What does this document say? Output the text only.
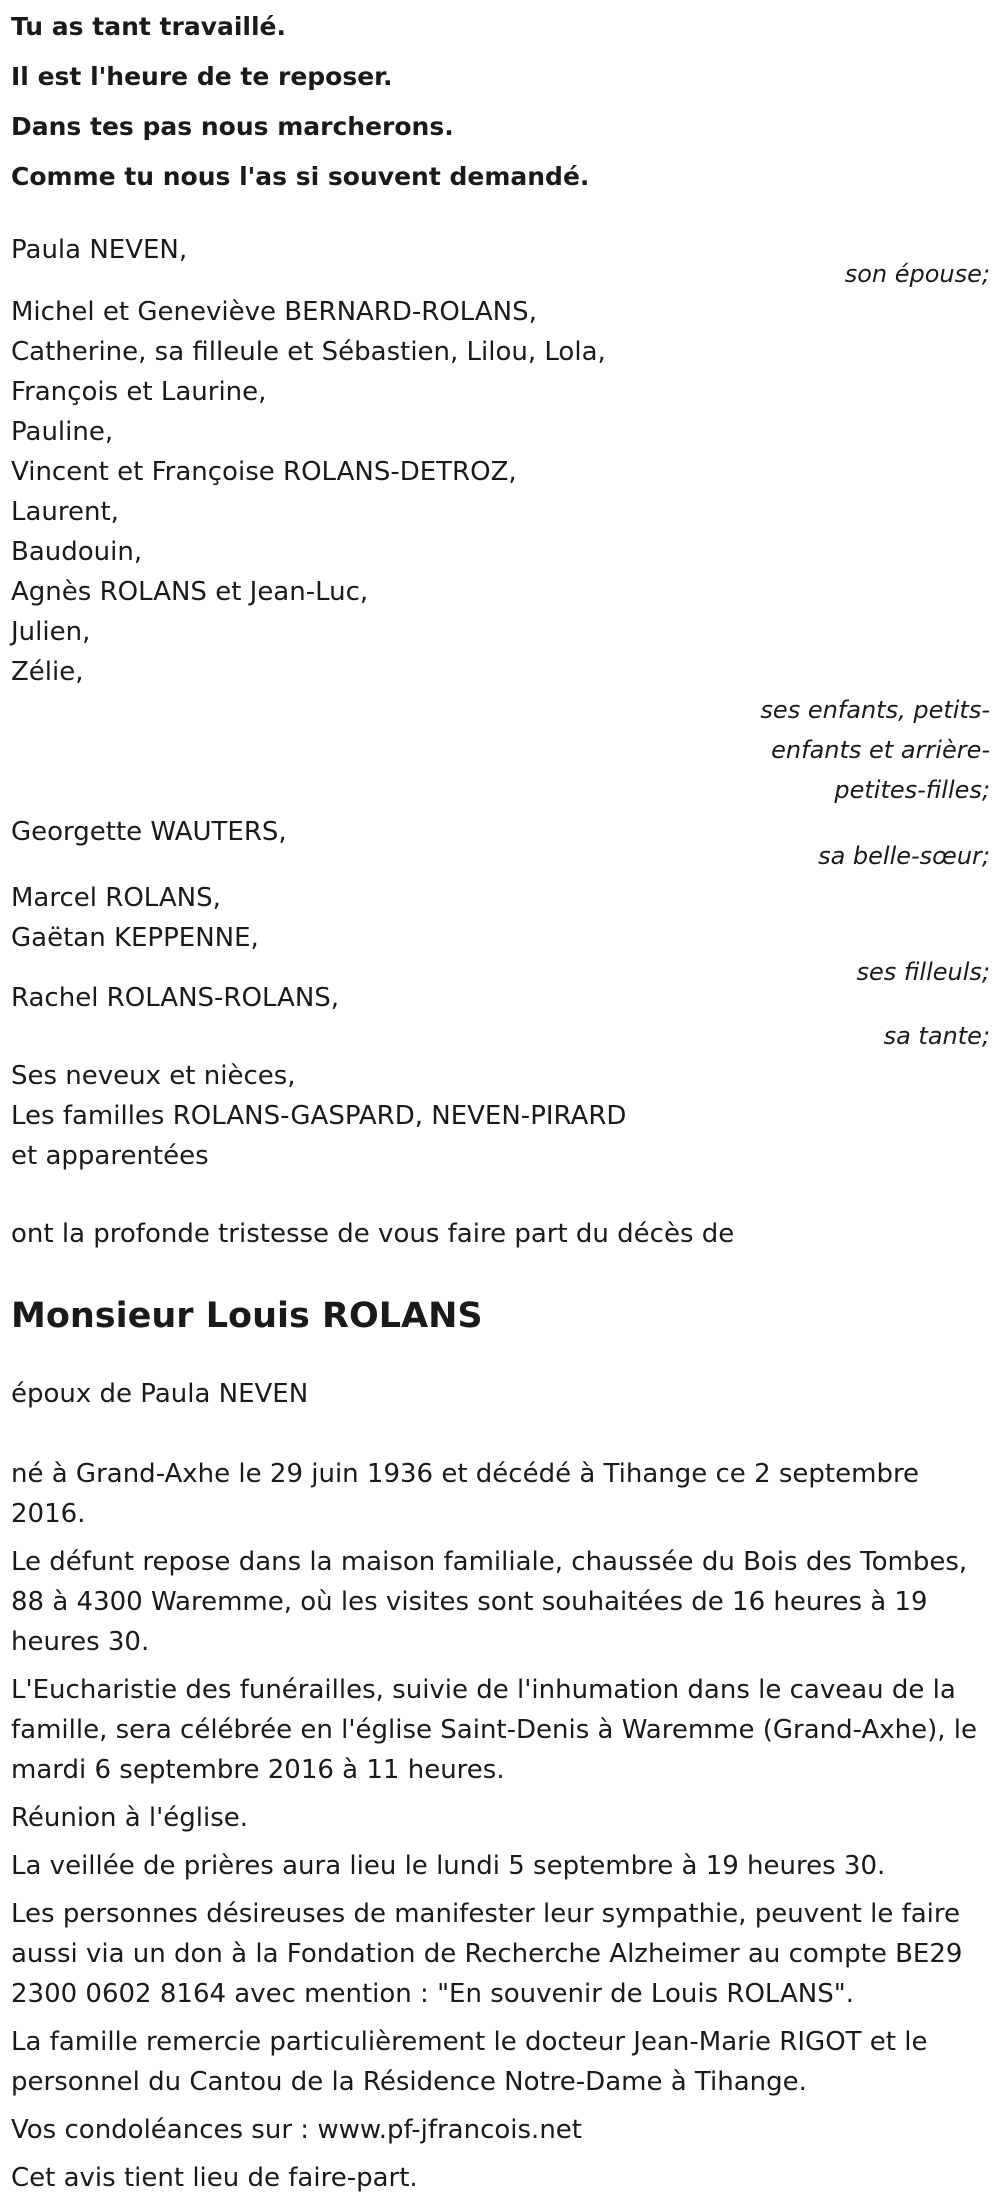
Tu as tant travaillé.
Il est l'heure de te reposer.
Dans tes pas nous marcherons.
Comme tu nous l'as si souvent demandé.
Paula NEVEN,
son épouse;
Michel et Geneviève BERNARD-ROLANS,
Catherine, sa filleule et Sébastien, Lilou, Lola,
François et Laurine,
Pauline,
Vincent et Françoise ROLANS-DETROZ,
Laurent,
Baudouin,
Agnès ROLANS et Jean-Luc,
Julien,
Zélie,
ses enfants, petits-
enfants et arrière-
petites-filles;
Georgette WAUTERS,
sa belle-sœur;
Marcel ROLANS,
Gaëtan KEPPENNE,
ses filleuls;
Rachel ROLANS-ROLANS,
sa tante;
Ses neveux et nièces,
Les familles ROLANS-GASPARD, NEVEN-PIRARD
et apparentées
ont la profonde tristesse de vous faire part du décès de
Monsieur Louis ROLANS
époux de Paula NEVEN
né à Grand-Axhe le 29 juin 1936 et décédé à Tihange ce 2 septembre
2016.
Le défunt repose dans la maison familiale, chaussée du Bois des Tombes,
88 à 4300 Waremme, où les visites sont souhaitées de 16 heures à 19
heures 30.
L'Eucharistie des funérailles, suivie de l'inhumation dans le caveau de la
famille, sera célébrée en l'église Saint-Denis à Waremme (Grand-Axhe), le
mardi 6 septembre 2016 à 11 heures.
Réunion à l'église.
La veillée de prières aura lieu le lundi 5 septembre à 19 heures 30.
Les personnes désireuses de manifester leur sympathie, peuvent le faire
aussi via un don à la Fondation de Recherche Alzheimer au compte BE29
2300 0602 8164 avec mention : "En souvenir de Louis ROLANS".
La famille remercie particulièrement le docteur Jean-Marie RIGOT et le
personnel du Cantou de la Résidence Notre-Dame à Tihange.
Vos condoléances sur : www.pf-jfrancois.net
Cet avis tient lieu de faire-part.
